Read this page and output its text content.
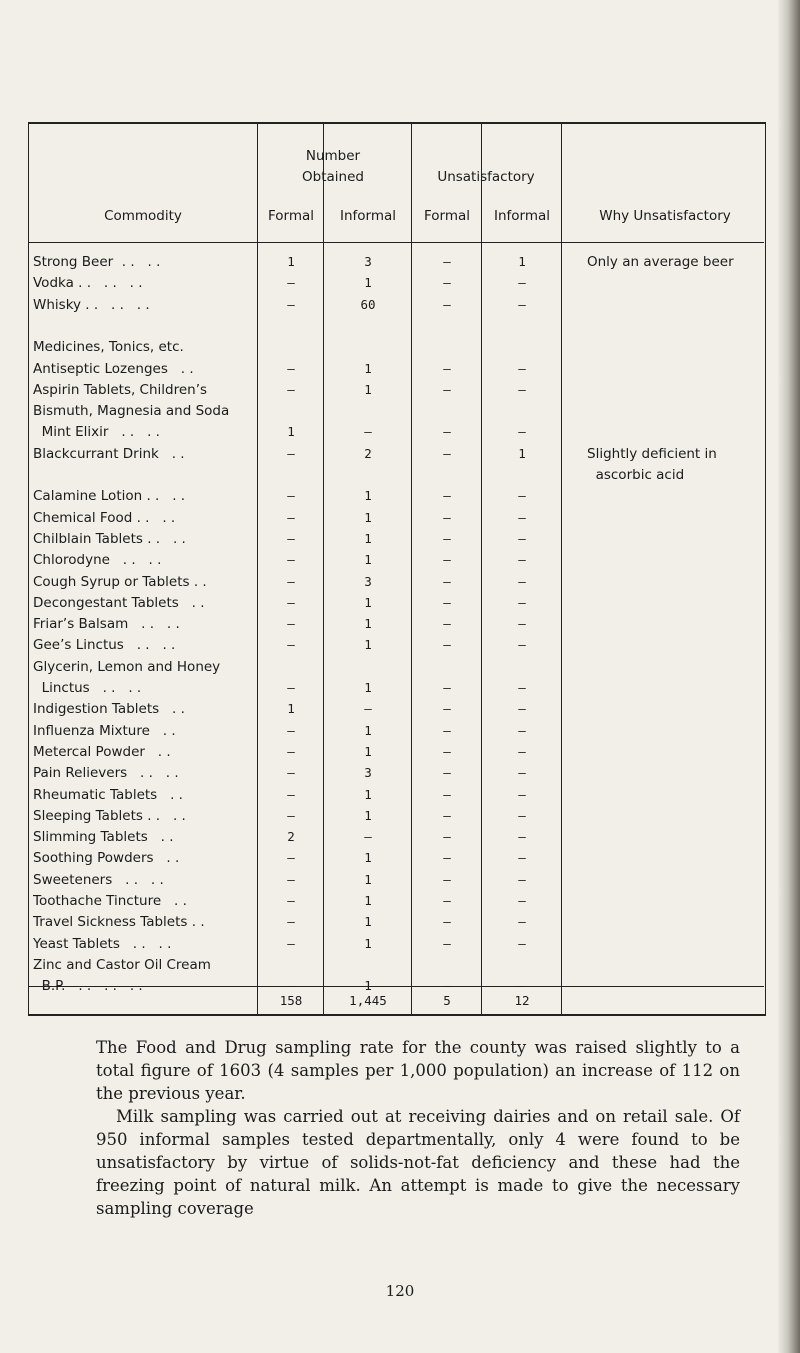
Number
Obtained	Unsatisfactory
Commodity	Formal	Informal	Formal	Informal	Why Unsatisfactory
Strong Beer  . .   . .	1	3	–	1	Only an average beer
Vodka . .   . .   . .	–	1	–	–
Whisky . .   . .   . .	–	60	–	–
Medicines, Tonics, etc.
Antiseptic Lozenges   . .	–	1	–	–
Aspirin Tablets, Children’s	–	1	–	–
Bismuth, Magnesia and Soda
Mint Elixir   . .   . .	1	–	–	–
Blackcurrant Drink   . .	–	2	–	1	Slightly deficient in
ascorbic acid
Calamine Lotion . .   . .	–	1	–	–
Chemical Food . .   . .	–	1	–	–
Chilblain Tablets . .   . .	–	1	–	–
Chlorodyne   . .   . .	–	1	–	–
Cough Syrup or Tablets . .	–	3	–	–
Decongestant Tablets   . .	–	1	–	–
Friar’s Balsam   . .   . .	–	1	–	–
Gee’s Linctus   . .   . .	–	1	–	–
Glycerin, Lemon and Honey
Linctus   . .   . .	–	1	–	–
Indigestion Tablets   . .	1	–	–	–
Influenza Mixture   . .	–	1	–	–
Metercal Powder   . .	–	1	–	–
Pain Relievers   . .   . .	–	3	–	–
Rheumatic Tablets   . .	–	1	–	–
Sleeping Tablets . .   . .	–	1	–	–
Slimming Tablets   . .	2	–	–	–
Soothing Powders   . .	–	1	–	–
Sweeteners   . .   . .	–	1	–	–
Toothache Tincture   . .	–	1	–	–
Travel Sickness Tablets . .	–	1	–	–
Yeast Tablets   . .   . .	–	1	–	–
Zinc and Castor Oil Cream
B.P.   . .   . .   . .	–	1	–	–
158	1,445	5	12

The Food and Drug sampling rate for the county was raised slightly to a total figure of 1603 (4 samples per 1,000 population) an increase of 112 on the previous year.

Milk sampling was carried out at receiving dairies and on retail sale. Of 950 informal samples tested departmentally, only 4 were found to be unsatisfactory by virtue of solids-not-fat deficiency and these had the freezing point of natural milk. An attempt is made to give the necessary sampling coverage

120
